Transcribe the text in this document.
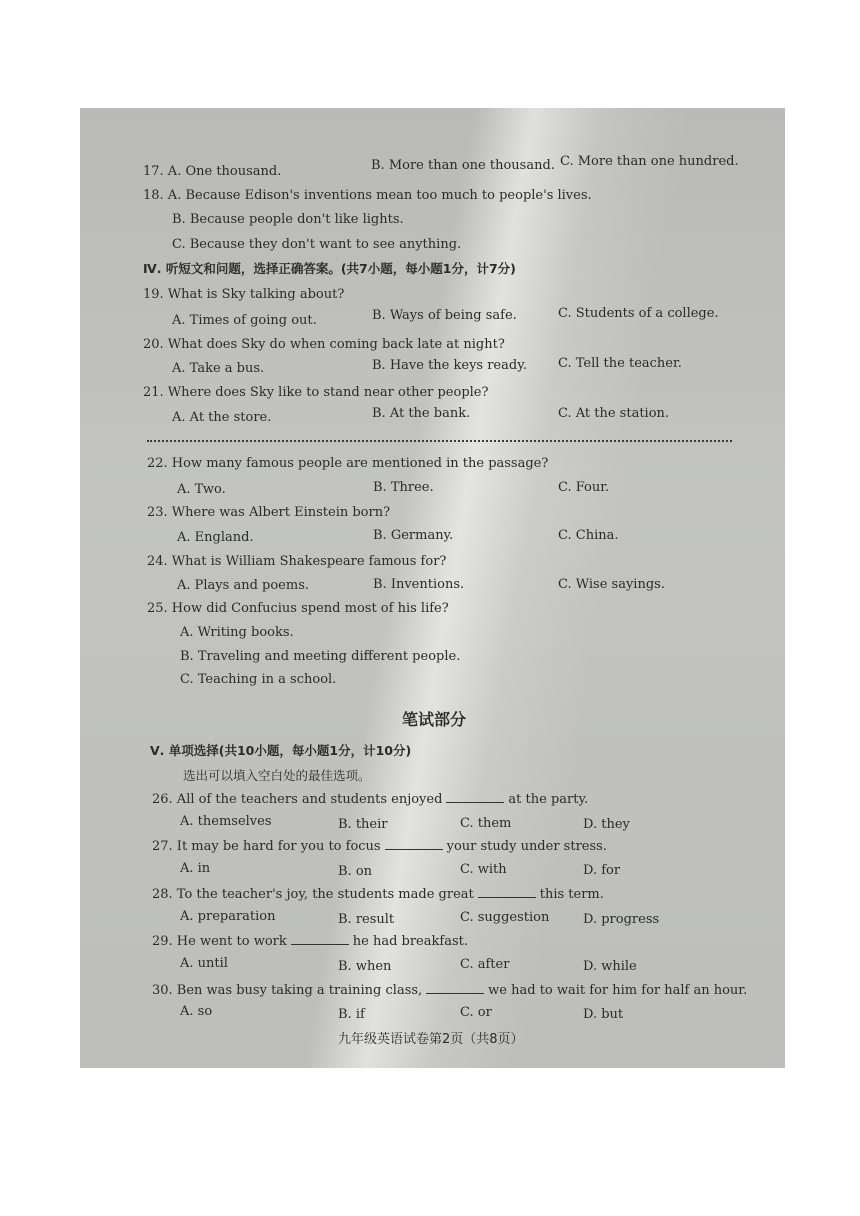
17. A. One thousand.	B. More than one thousand. C. More than one hundred.
18. A. Because Edison's inventions mean too much to people's lives.
B. Because people don't like lights.
C. Because they don't want to see anything.
Ⅳ. 听短文和问题，选择正确答案。(共7小题，每小题1分，计7分)
19. What is Sky talking about?
A. Times of going out.	B. Ways of being safe.	C. Students of a college.
20. What does Sky do when coming back late at night?
A. Take a bus.	B. Have the keys ready. C. Tell the teacher.
21. Where does Sky like to stand near other people?
A. At the store.	B. At the bank.	C. At the station.
22. How many famous people are mentioned in the passage?
A. Two.	B. Three.	C. Four.
23. Where was Albert Einstein born?
A. England.	B. Germany.	C. China.
24. What is William Shakespeare famous for?
A. Plays and poems.	B. Inventions.	C. Wise sayings.
25. How did Confucius spend most of his life?
A. Writing books.
B. Traveling and meeting different people.
C. Teaching in a school.
笔试部分
Ⅴ. 单项选择(共10小题，每小题1分，计10分)
选出可以填入空白处的最佳选项。
26. All of the teachers and students enjoyed	at the party.
A. themselves	B. their	C. them	D. they
27. It may be hard for you to focus	your study under stress.
A. in	B. on	C. with	D. for
28. To the teacher's joy, the students made great	this term.
A. preparation	B. result	C. suggestion	D. progress
29. He went to work	he had breakfast.
A. until	B. when	C. after	D. while
30. Ben was busy taking a training class,	we had to wait for him for half an hour.
A. so	B. if	C. or	D. but
九年级英语试卷第2页（共8页）
